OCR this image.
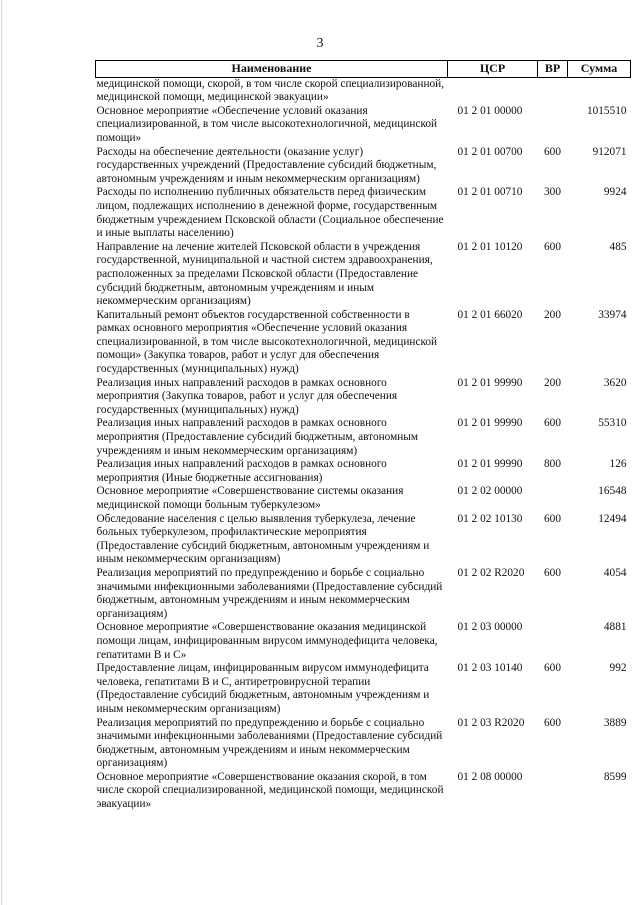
3
Наименование	ЦСР	ВР	Сумма
медицинской помощи, скорой, в том числе скорой специализированной, медицинской помощи, медицинской эвакуации»			
Основное мероприятие «Обеспечение условий оказания специализированной, в том числе высокотехнологичной, медицинской помощи»	01 2 01 00000		1015510
Расходы на обеспечение деятельности (оказание услуг) государственных учреждений (Предоставление субсидий бюджетным, автономным учреждениям и иным некоммерческим организациям)	01 2 01 00700	600	912071
Расходы по исполнению публичных обязательств перед физическим лицом, подлежащих исполнению в денежной форме, государственным бюджетным учреждением Псковской области (Социальное обеспечение и иные выплаты населению)	01 2 01 00710	300	9924
Направление на лечение жителей Псковской области в учреждения государственной, муниципальной и частной систем здравоохранения, расположенных за пределами Псковской области (Предоставление субсидий бюджетным, автономным учреждениям и иным некоммерческим организациям)	01 2 01 10120	600	485
Капитальный ремонт объектов государственной собственности в рамках основного мероприятия «Обеспечение условий оказания специализированной, в том числе высокотехнологичной, медицинской помощи» (Закупка товаров, работ и услуг для обеспечения государственных (муниципальных) нужд)	01 2 01 66020	200	33974
Реализация иных направлений расходов в рамках основного мероприятия (Закупка товаров, работ и услуг для обеспечения государственных (муниципальных) нужд)	01 2 01 99990	200	3620
Реализация иных направлений расходов в рамках основного мероприятия (Предоставление субсидий бюджетным, автономным учреждениям и иным некоммерческим организациям)	01 2 01 99990	600	55310
Реализация иных направлений расходов в рамках основного мероприятия (Иные бюджетные ассигнования)	01 2 01 99990	800	126
Основное мероприятие «Совершенствование системы оказания медицинской помощи больным туберкулезом»	01 2 02 00000		16548
Обследование населения с целью выявления туберкулеза, лечение больных туберкулезом, профилактические мероприятия (Предоставление субсидий бюджетным, автономным учреждениям и иным некоммерческим организациям)	01 2 02 10130	600	12494
Реализация мероприятий по предупреждению и борьбе с социально значимыми инфекционными заболеваниями (Предоставление субсидий бюджетным, автономным учреждениям и иным некоммерческим организациям)	01 2 02 R2020	600	4054
Основное мероприятие «Совершенствование оказания медицинской помощи лицам, инфицированным вирусом иммунодефицита человека, гепатитами В и С»	01 2 03 00000		4881
Предоставление лицам, инфицированным вирусом иммунодефицита человека, гепатитами В и С, антиретровирусной терапии (Предоставление субсидий бюджетным, автономным учреждениям и иным некоммерческим организациям)	01 2 03 10140	600	992
Реализация мероприятий по предупреждению и борьбе с социально значимыми инфекционными заболеваниями (Предоставление субсидий бюджетным, автономным учреждениям и иным некоммерческим организациям)	01 2 03 R2020	600	3889
Основное мероприятие «Совершенствование оказания скорой, в том числе скорой специализированной, медицинской помощи, медицинской эвакуации»	01 2 08 00000		8599
